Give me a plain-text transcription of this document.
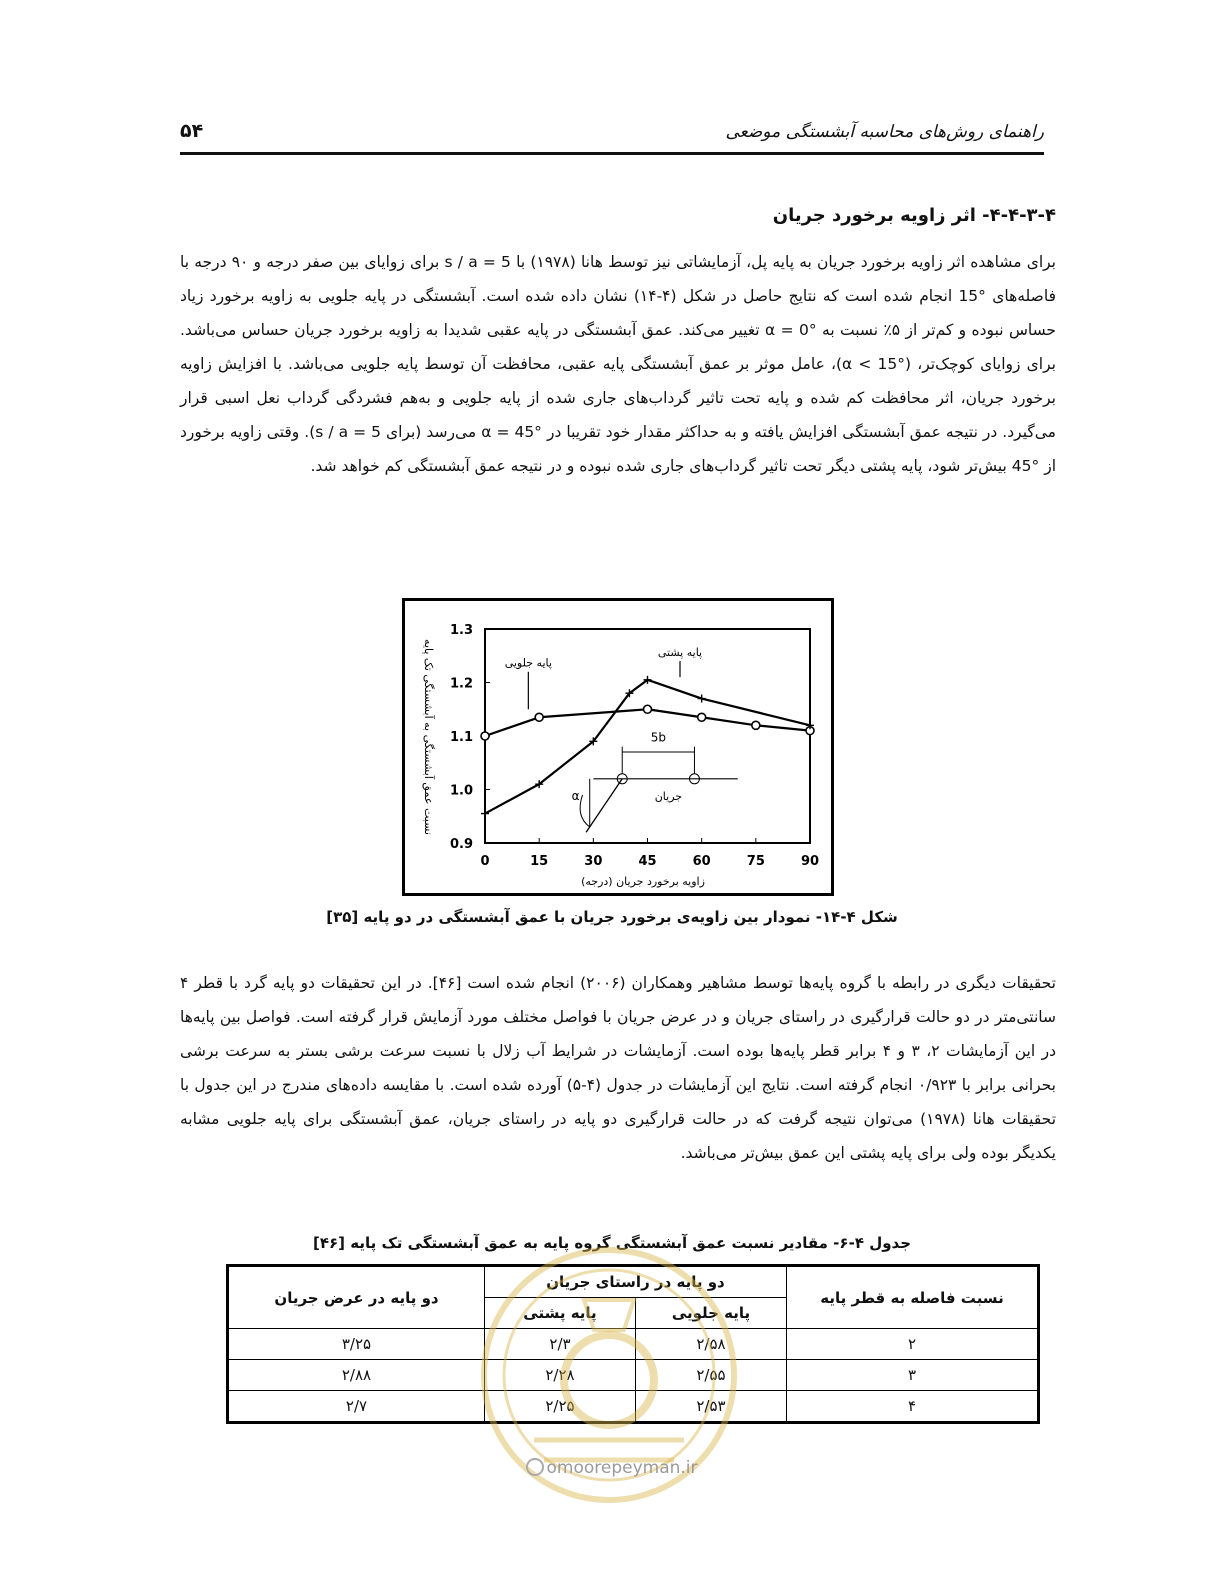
راهنمای روش‌های محاسبه آبشستگی موضعی
۵۴
۴-۴-۳-۴- اثر زاویه برخورد جریان
برای مشاهده اثر زاویه برخورد جریان به پایه پل، آزمایشاتی نیز توسط هانا (۱۹۷۸) با s / a = 5 برای زوایای بین صفر درجه و ۹۰ درجه با فاصله‌های °15 انجام شده است که نتایج حاصل در شکل (۴-۱۴) نشان داده شده است. آبشستگی در پایه جلویی به زاویه برخورد زیاد حساس نبوده و کم‌تر از ۵٪ نسبت به α = 0° تغییر می‌کند. عمق آبشستگی در پایه عقبی شدیدا به زاویه برخورد جریان حساس می‌باشد. برای زوایای کوچک‌تر، (α < 15°)، عامل موثر بر عمق آبشستگی پایه عقبی، محافظت آن توسط پایه جلویی می‌باشد. با افزایش زاویه برخورد جریان، اثر محافظت کم شده و پایه تحت تاثیر گرداب‌های جاری شده از پایه جلویی و به‌هم فشردگی گرداب نعل اسبی قرار می‌گیرد. در نتیجه عمق آبشستگی افزایش یافته و به حداکثر مقدار خود تقریبا در α = 45° می‌رسد (برای s / a = 5). وقتی زاویه برخورد از °45 بیش‌تر شود، پایه پشتی دیگر تحت تاثیر گرداب‌های جاری شده نبوده و در نتیجه عمق آبشستگی کم خواهد شد.
نسبت عمق آبشستگی به آبشستگی تک پایه
زاویه برخورد جریان (درجه)
0	15	30	45	60	75	90
0.9
1.0
1.1
1.2
1.3
پایه جلویی
پایه پشتی
5b
α	جریان
شکل ۴-۱۴- نمودار بین زاویه‌ی برخورد جریان با عمق آبشستگی در دو پایه [۳۵]
تحقیقات دیگری در رابطه با گروه پایه‌ها توسط مشاهیر وهمکاران (۲۰۰۶) انجام شده است [۴۶]. در این تحقیقات دو پایه گرد با قطر ۴ سانتی‌متر در دو حالت قرارگیری در راستای جریان و در عرض جریان با فواصل مختلف مورد آزمایش قرار گرفته است. فواصل بین پایه‌ها در این آزمایشات ۲، ۳ و ۴ برابر قطر پایه‌ها بوده است. آزمایشات در شرایط آب زلال با نسبت سرعت برشی بستر به سرعت برشی بحرانی برابر با ۰/۹۲۳ انجام گرفته است. نتایج این آزمایشات در جدول (۴-۵) آورده شده است. با مقایسه داده‌های مندرج در این جدول با تحقیقات هانا (۱۹۷۸) می‌توان نتیجه گرفت که در حالت قرارگیری دو پایه در راستای جریان، عمق آبشستگی برای پایه جلویی مشابه یکدیگر بوده ولی برای پایه پشتی این عمق بیش‌تر می‌باشد.
جدول ۴-۶- مقادیر نسبت عمق آبشستگی گروه پایه به عمق آبشستگی تک پایه [۴۶]
نسبت فاصله به قطر پایه	دو پایه در راستای جریان		دو پایه در عرض جریان
	پایه جلویی	پایه پشتی	
۲	۲/۵۸	۲/۳	۳/۲۵
۳	۲/۵۵	۲/۲۸	۲/۸۸
۴	۲/۵۳	۲/۲۵	۲/۷
omoorepeyman.ir
